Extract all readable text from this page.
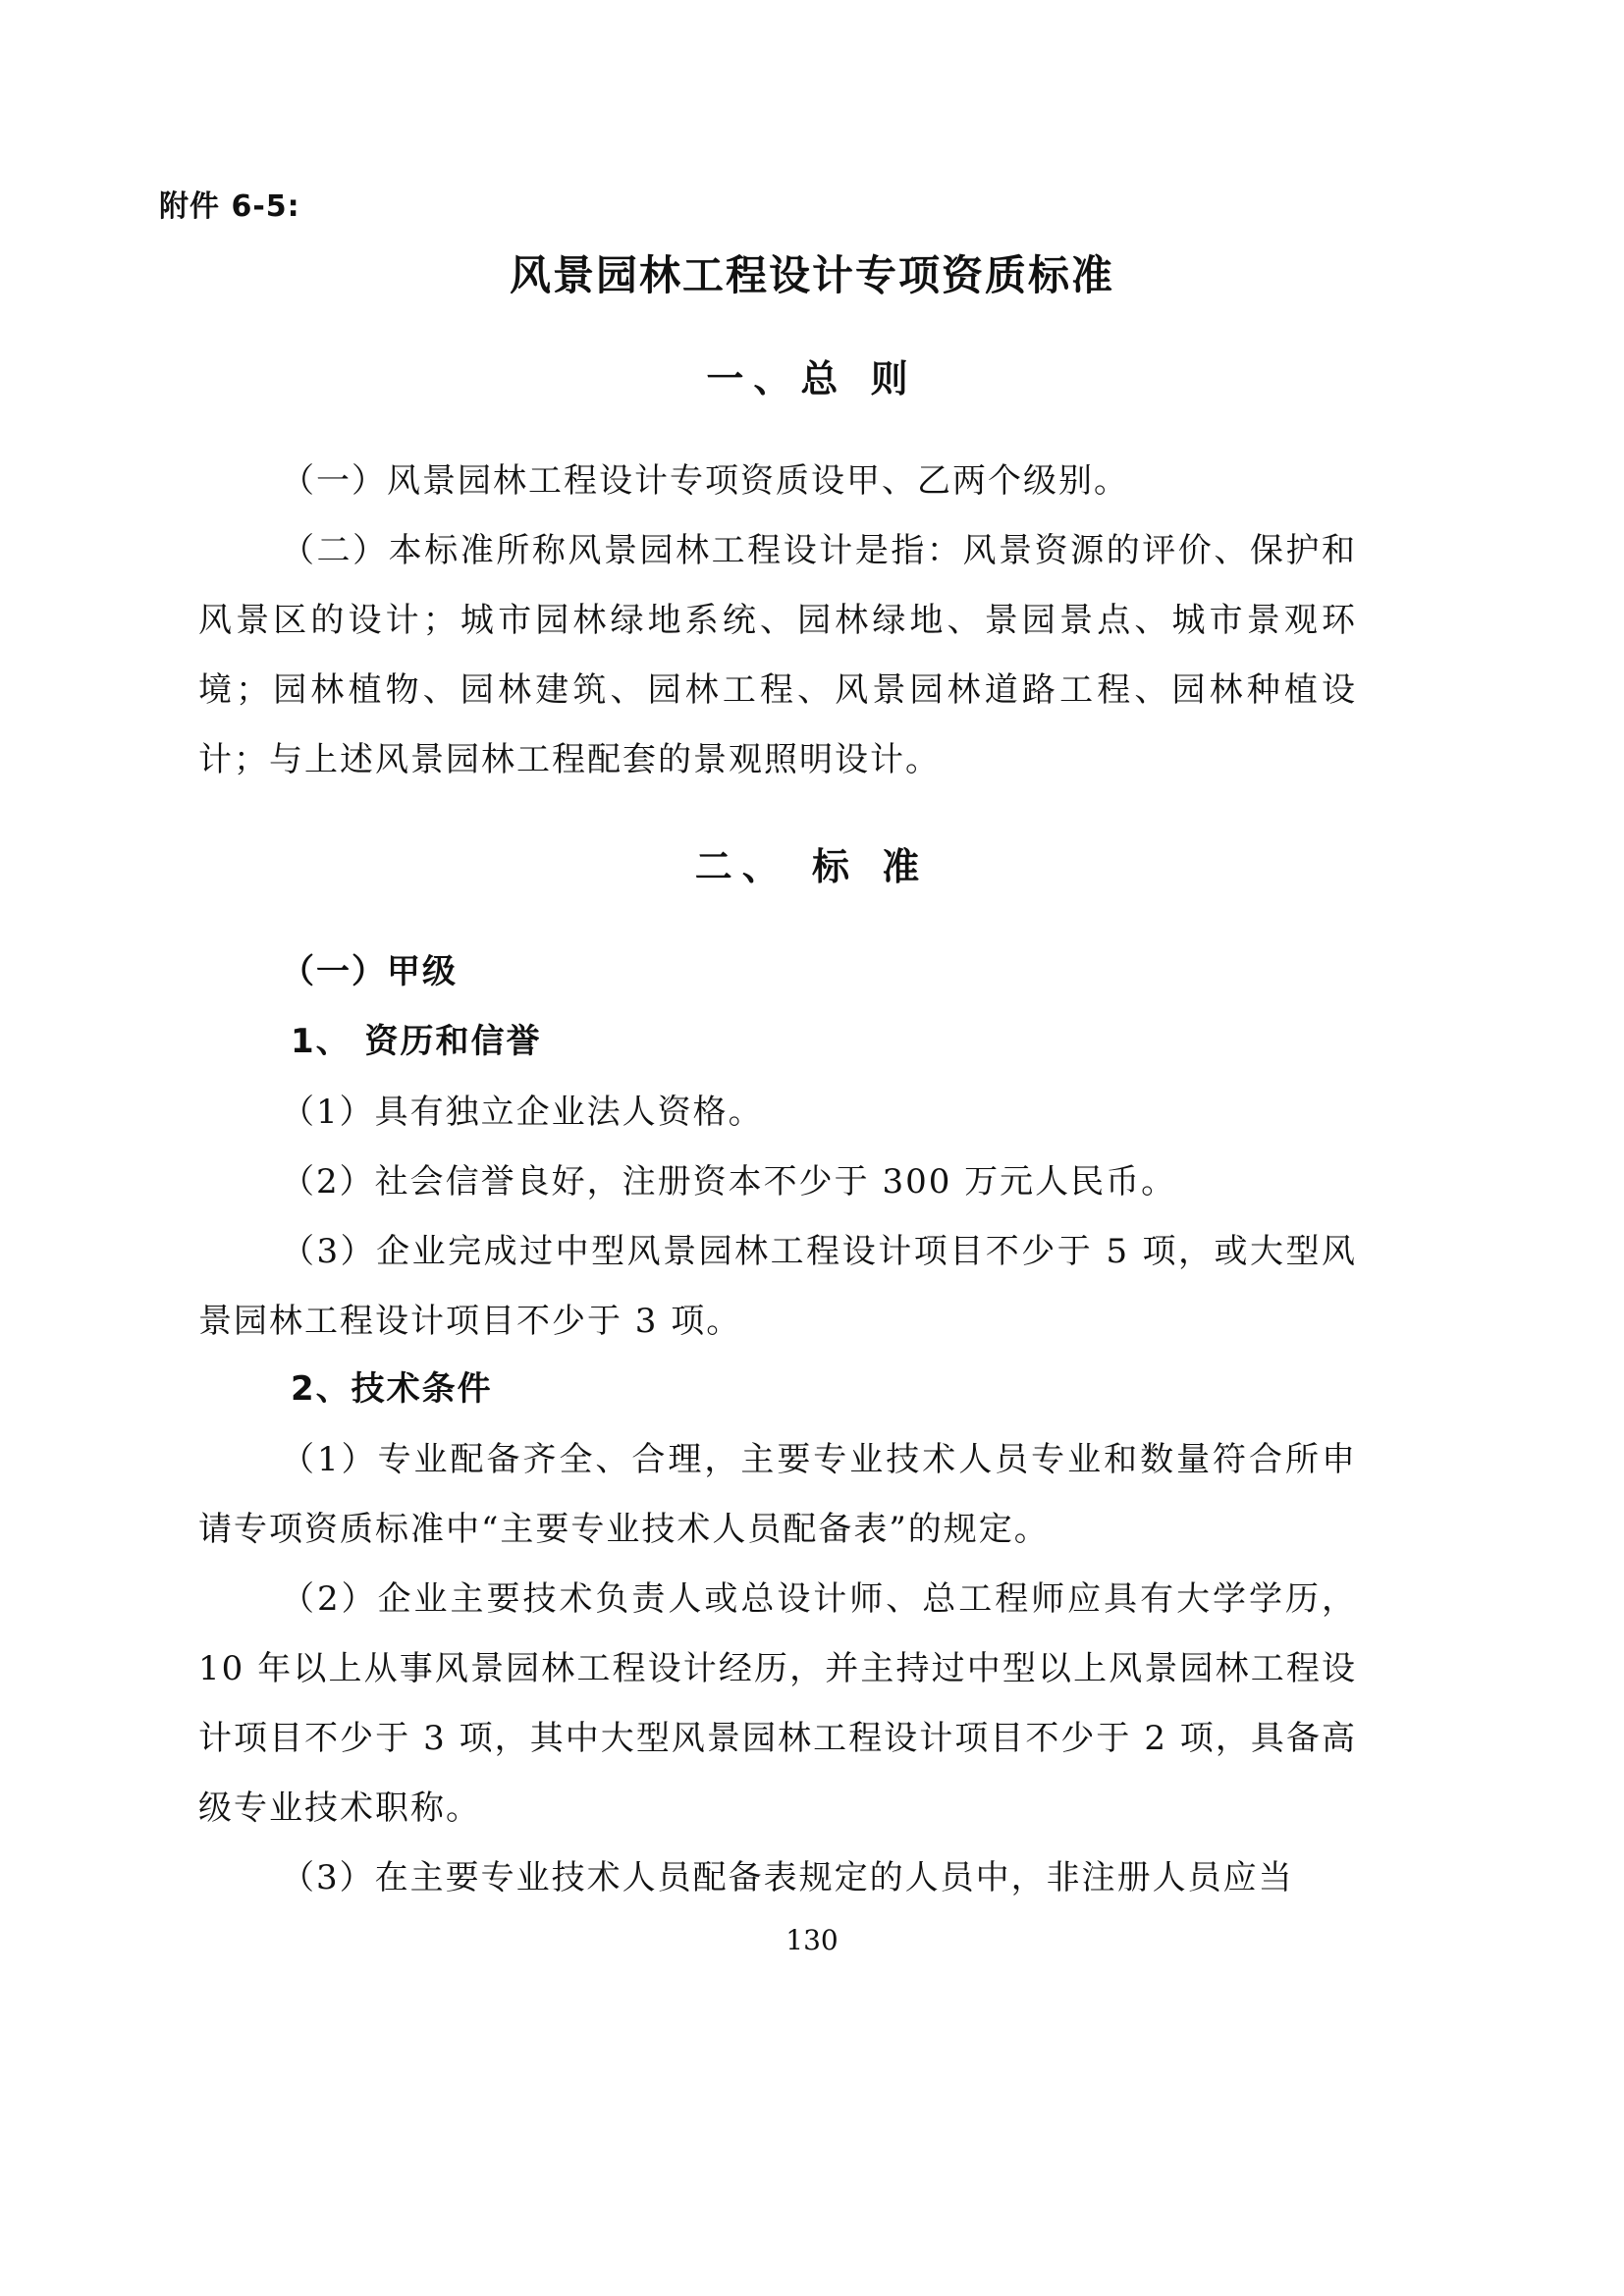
附件 6-5:
风景园林工程设计专项资质标准
一、总 则

（一）风景园林工程设计专项资质设甲、乙两个级别。

（二）本标准所称风景园林工程设计是指：风景资源的评价、保护和风景区的设计；城市园林绿地系统、园林绿地、景园景点、城市景观环境；园林植物、园林建筑、园林工程、风景园林道路工程、园林种植设计；与上述风景园林工程配套的景观照明设计。

二、 标 准
（一）甲级
1、 资历和信誉

（1）具有独立企业法人资格。

（2）社会信誉良好，注册资本不少于 300 万元人民币。

（3）企业完成过中型风景园林工程设计项目不少于 5 项，或大型风景园林工程设计项目不少于 3 项。

2、技术条件

（1）专业配备齐全、合理，主要专业技术人员专业和数量符合所申请专项资质标准中“主要专业技术人员配备表”的规定。

（2）企业主要技术负责人或总设计师、总工程师应具有大学学历，10 年以上从事风景园林工程设计经历，并主持过中型以上风景园林工程设计项目不少于 3 项，其中大型风景园林工程设计项目不少于 2 项，具备高级专业技术职称。

（3）在主要专业技术人员配备表规定的人员中，非注册人员应当

130
